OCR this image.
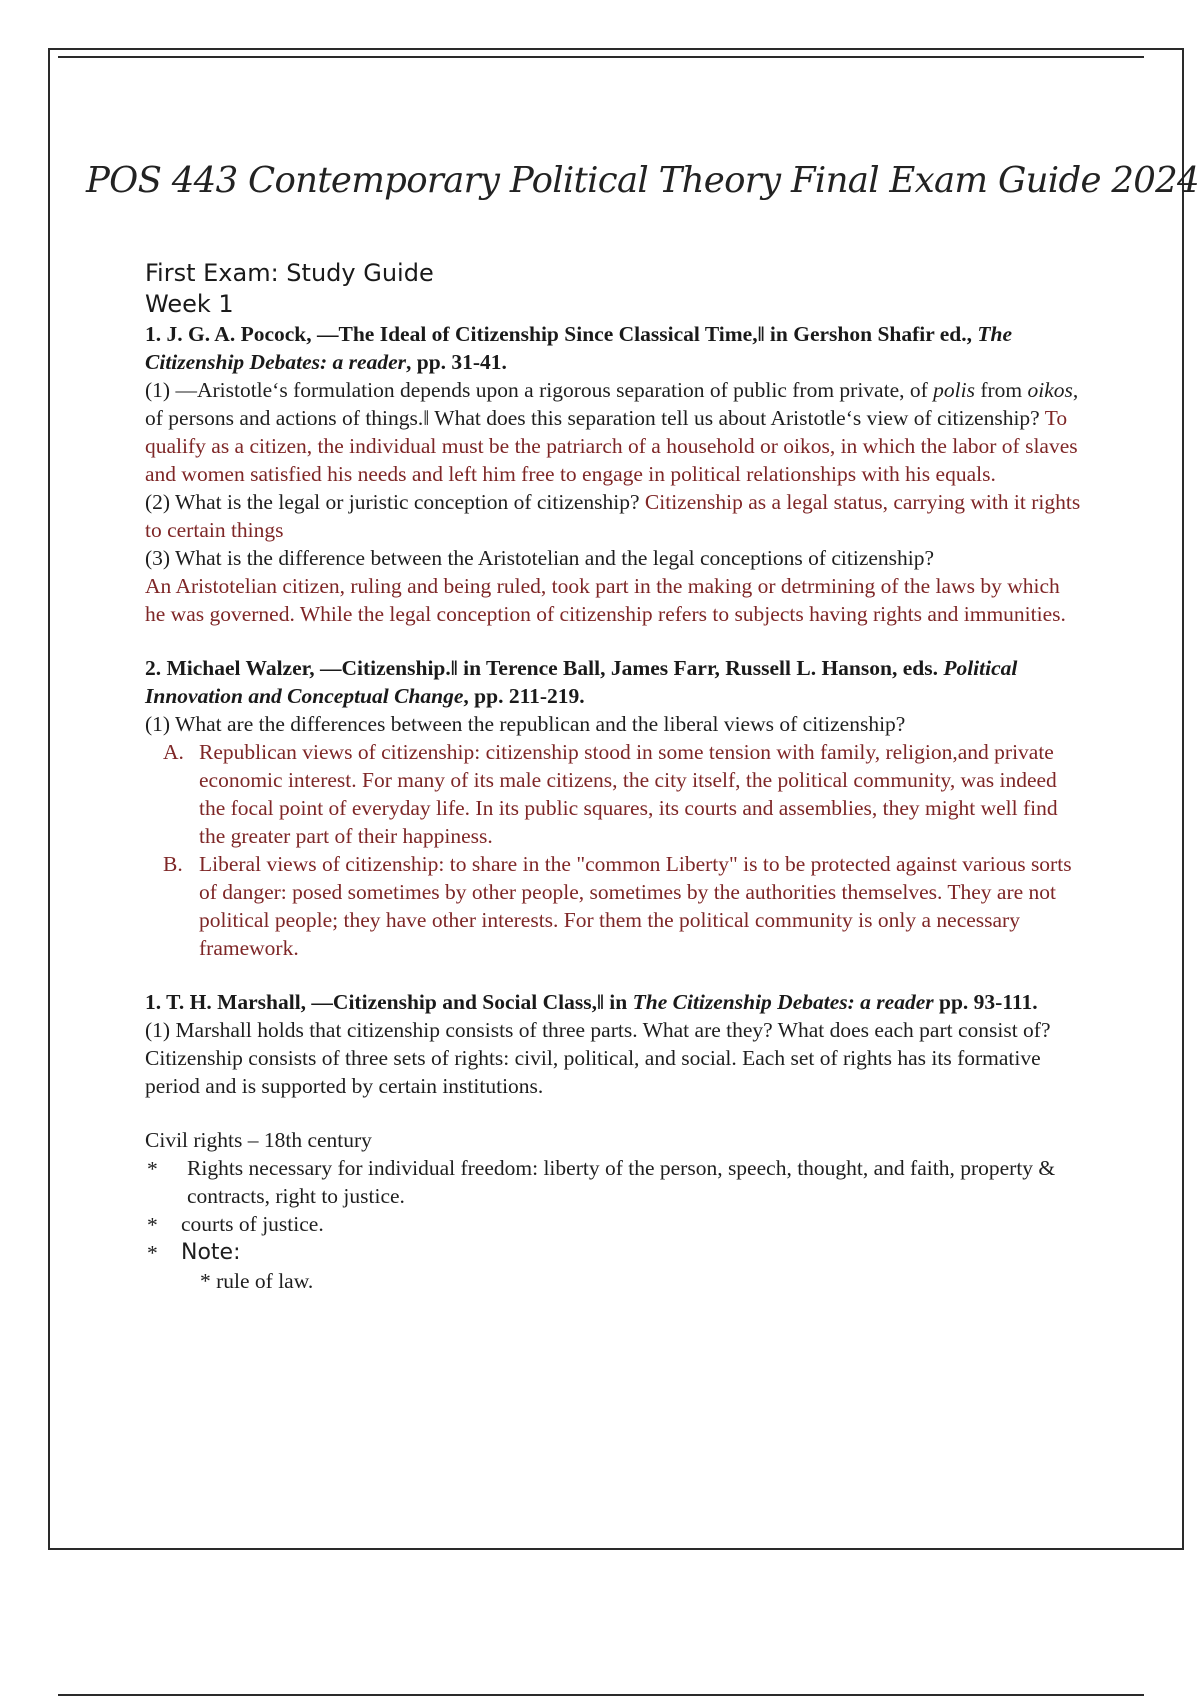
POS 443 Contemporary Political Theory Final Exam Guide 2024
First Exam: Study Guide
Week 1
1. J. G. A. Pocock, ―The Ideal of Citizenship Since Classical Time,‖ in Gershon Shafir ed., The Citizenship Debates: a reader, pp. 31-41.

(1) ―Aristotle‘s formulation depends upon a rigorous separation of public from private, of polis from oikos, of persons and actions of things.‖ What does this separation tell us about Aristotle‘s view of citizenship? To qualify as a citizen, the individual must be the patriarch of a household or oikos, in which the labor of slaves and women satisfied his needs and left him free to engage in political relationships with his equals.

(2) What is the legal or juristic conception of citizenship? Citizenship as a legal status, carrying with it rights to certain things

(3) What is the difference between the Aristotelian and the legal conceptions of citizenship?

An Aristotelian citizen, ruling and being ruled, took part in the making or detrmining of the laws by which he was governed. While the legal conception of citizenship refers to subjects having rights and immunities.

2. Michael Walzer, ―Citizenship.‖ in Terence Ball, James Farr, Russell L. Hanson, eds. Political Innovation and Conceptual Change, pp. 211-219.

(1) What are the differences between the republican and the liberal views of citizenship?

A. Republican views of citizenship: citizenship stood in some tension with family, religion,and private economic interest. For many of its male citizens, the city itself, the political community, was indeed the focal point of everyday life. In its public squares, its courts and assemblies, they might well find the greater part of their happiness.
B. Liberal views of citizenship: to share in the "common Liberty" is to be protected against various sorts of danger: posed sometimes by other people, sometimes by the authorities themselves. They are not political people; they have other interests. For them the political community is only a necessary framework.
1. T. H. Marshall, ―Citizenship and Social Class,‖ in The Citizenship Debates: a reader pp. 93-111.

(1) Marshall holds that citizenship consists of three parts. What are they? What does each part consist of?

Citizenship consists of three sets of rights: civil, political, and social. Each set of rights has its formative period and is supported by certain institutions.

Civil rights – 18th century

* Rights necessary for individual freedom: liberty of the person, speech, thought, and faith, property & contracts, right to justice.
* courts of justice.
* Note:

* rule of law.
